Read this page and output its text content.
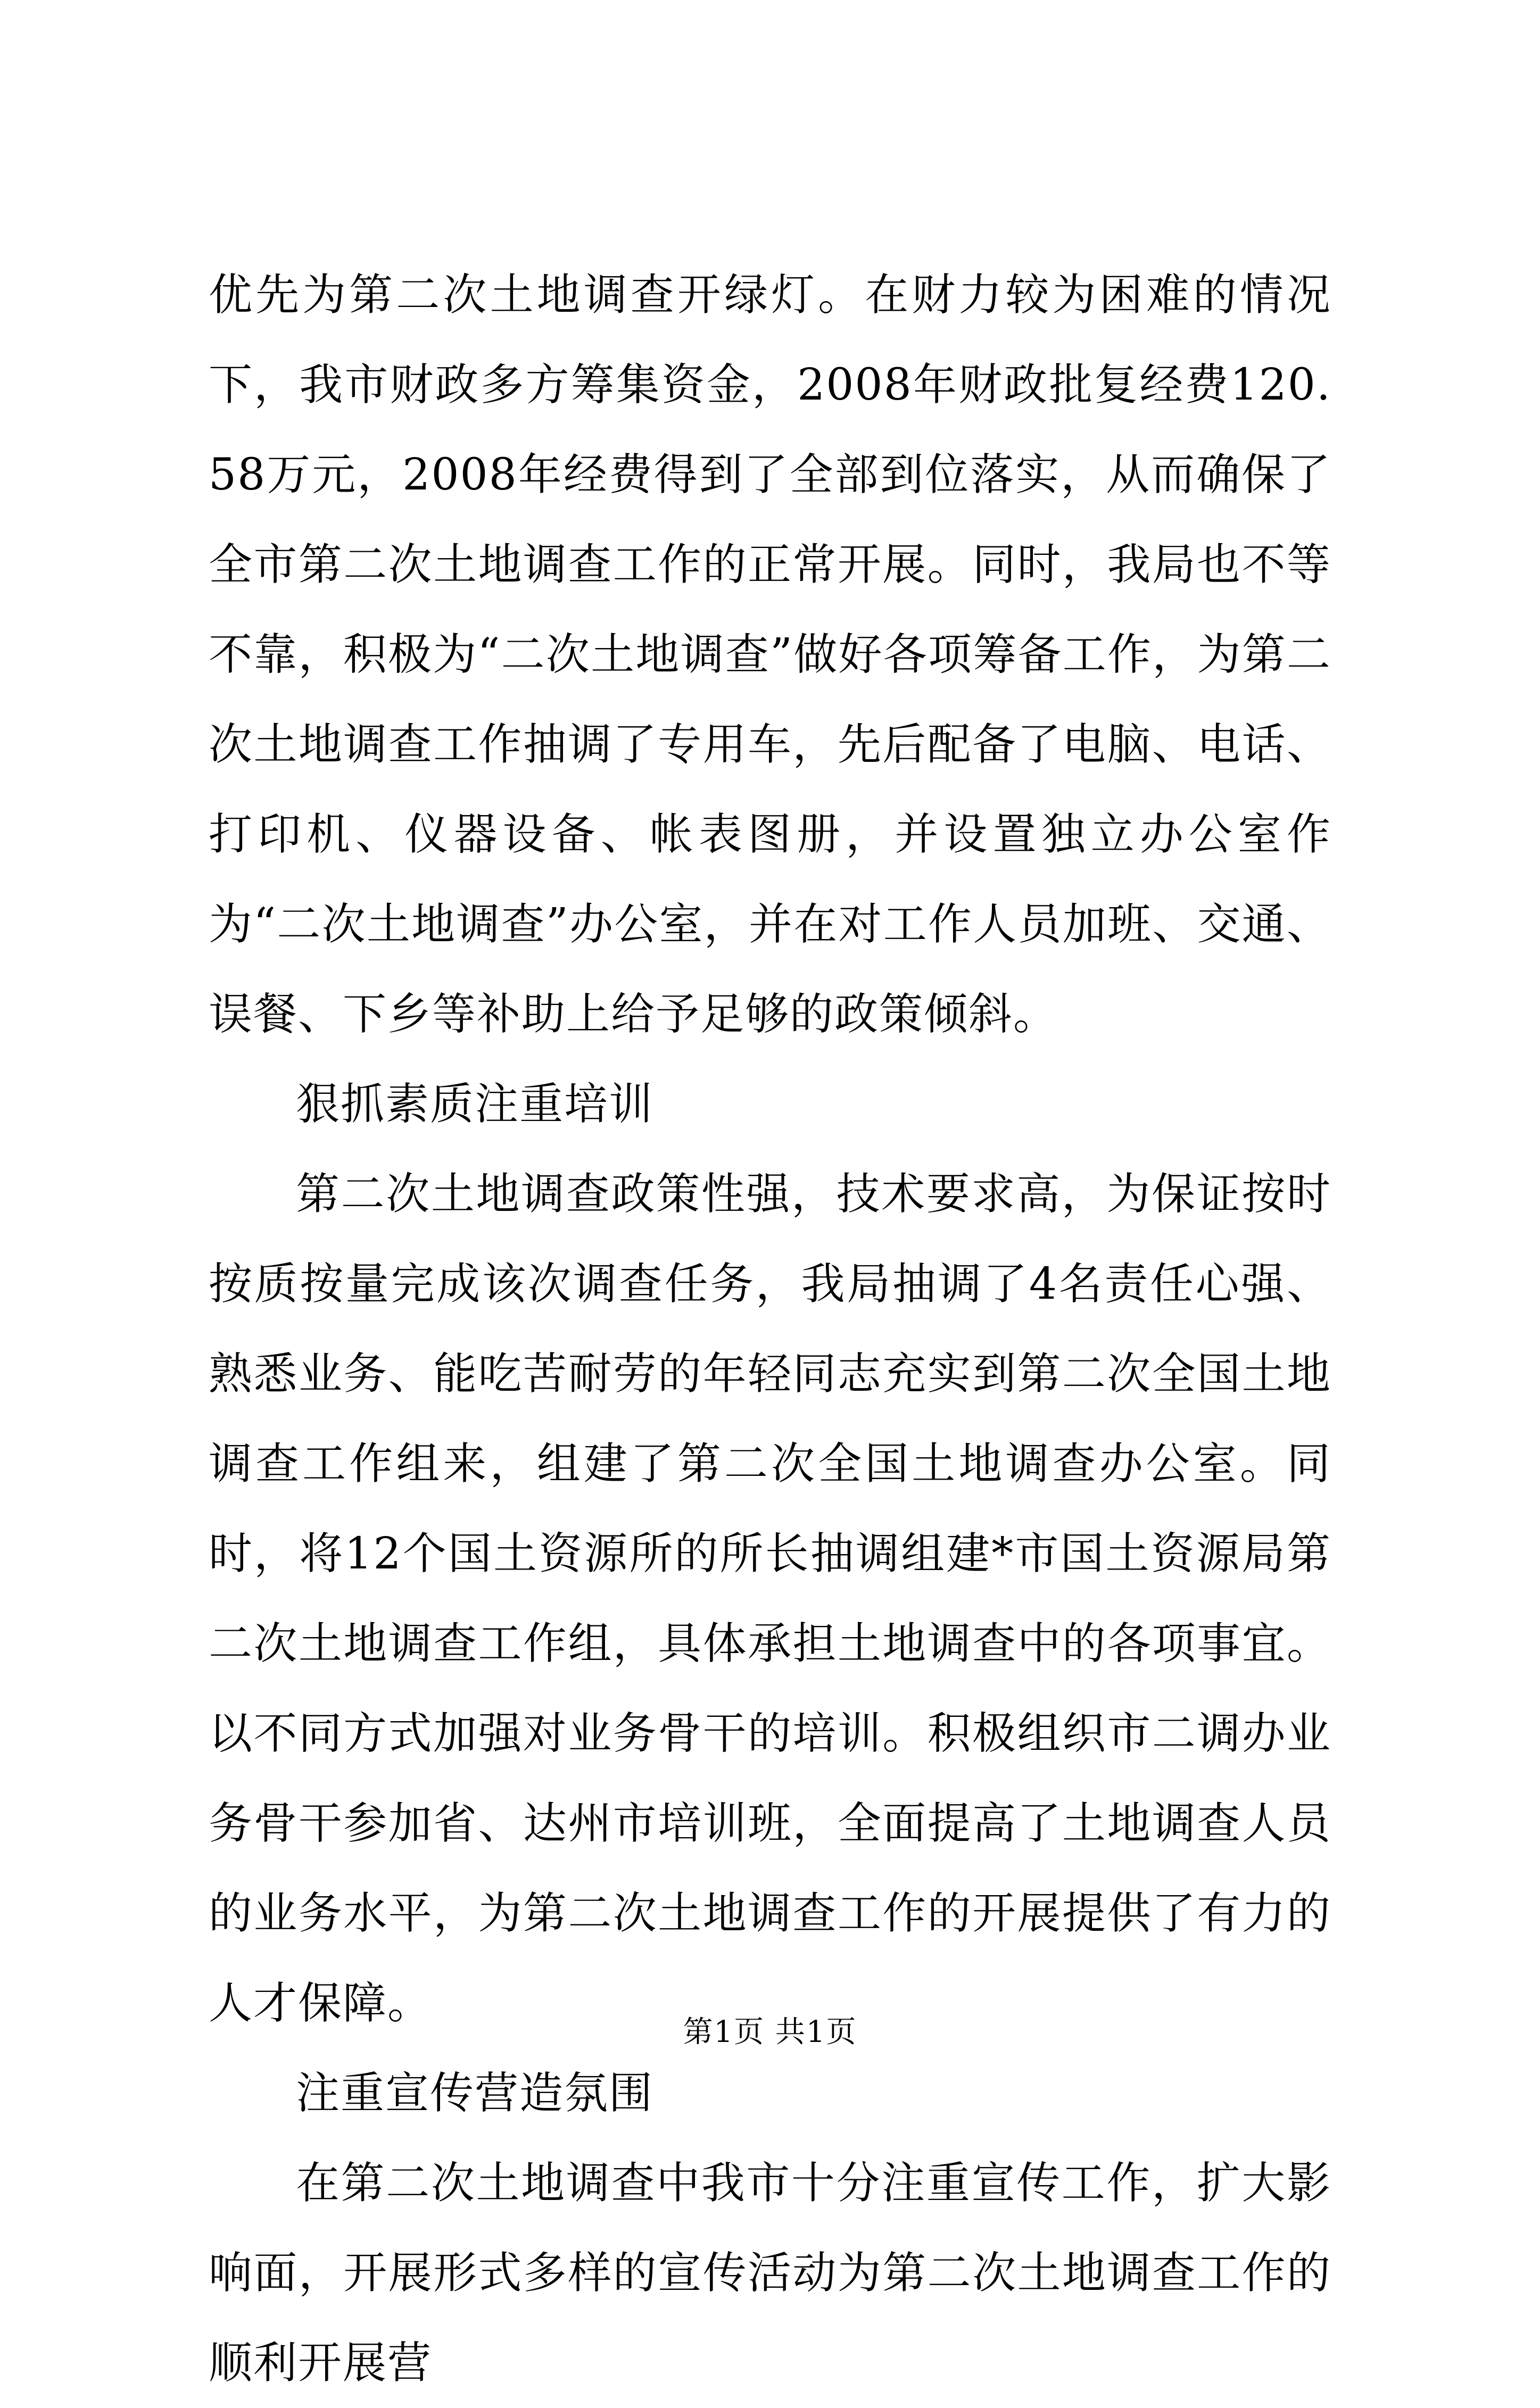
优先为第二次土地调查开绿灯。在财力较为困难的情况下，我市财政多方筹集资金，2008年财政批复经费120.58万元，2008年经费得到了全部到位落实，从而确保了全市第二次土地调查工作的正常开展。同时，我局也不等不靠，积极为“二次土地调查”做好各项筹备工作，为第二次土地调查工作抽调了专用车，先后配备了电脑、电话、打印机、仪器设备、帐表图册，并设置独立办公室作为“二次土地调查”办公室，并在对工作人员加班、交通、误餐、下乡等补助上给予足够的政策倾斜。

狠抓素质注重培训

第二次土地调查政策性强，技术要求高，为保证按时按质按量完成该次调查任务，我局抽调了4名责任心强、熟悉业务、能吃苦耐劳的年轻同志充实到第二次全国土地调查工作组来，组建了第二次全国土地调查办公室。同时，将12个国土资源所的所长抽调组建*市国土资源局第二次土地调查工作组，具体承担土地调查中的各项事宜。以不同方式加强对业务骨干的培训。积极组织市二调办业务骨干参加省、达州市培训班，全面提高了土地调查人员的业务水平，为第二次土地调查工作的开展提供了有力的人才保障。

注重宣传营造氛围

在第二次土地调查中我市十分注重宣传工作，扩大影响面，开展形式多样的宣传活动为第二次土地调查工作的顺利开展营

第1页 共1页
